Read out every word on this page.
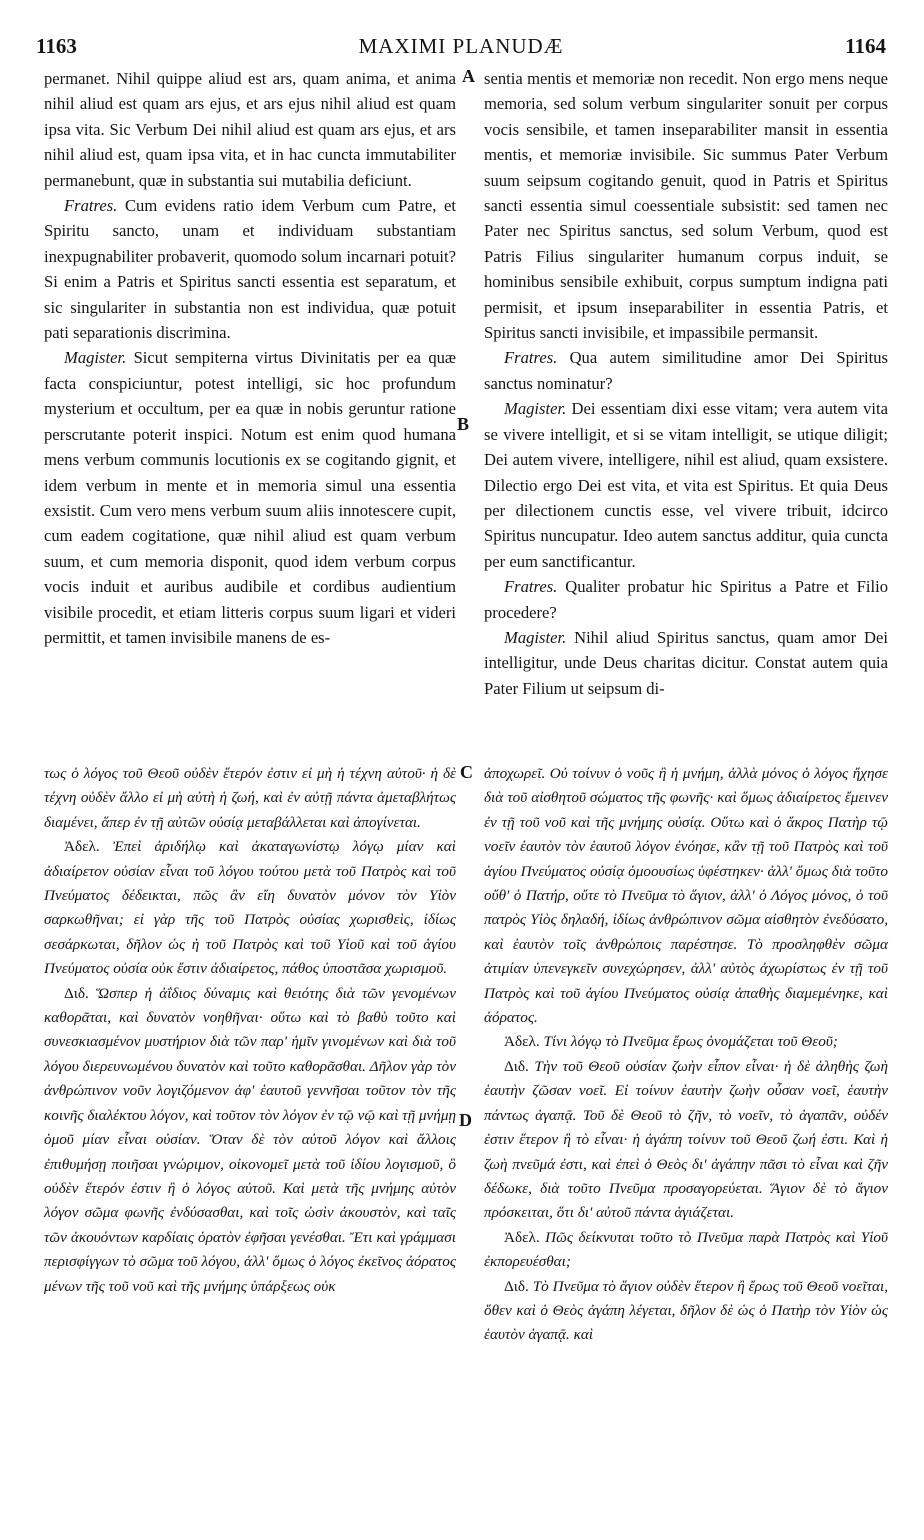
1163	MAXIMI PLANUDÆ	1164
A
B
C
D

permanet. Nihil quippe aliud est ars, quam anima, et anima nihil aliud est quam ars ejus, et ars ejus nihil aliud est quam ipsa vita. Sic Verbum Dei nihil aliud est quam ars ejus, et ars nihil aliud est, quam ipsa vita, et in hac cuncta immutabiliter permanebunt, quæ in substantia sui mutabilia deficiunt.

Fratres. Cum evidens ratio idem Verbum cum Patre, et Spiritu sancto, unam et individuam substantiam inexpugnabiliter probaverit, quomodo solum incarnari potuit? Si enim a Patris et Spiritus sancti essentia est separatum, et sic singulariter in substantia non est individua, quæ potuit pati separationis discrimina.

Magister. Sicut sempiterna virtus Divinitatis per ea quæ facta conspiciuntur, potest intelligi, sic hoc profundum mysterium et occultum, per ea quæ in nobis geruntur ratione perscrutante poterit inspici. Notum est enim quod humana mens verbum communis locutionis ex se cogitando gignit, et idem verbum in mente et in memoria simul una essentia exsistit. Cum vero mens verbum suum aliis innotescere cupit, cum eadem cogitatione, quæ nihil aliud est quam verbum suum, et cum memoria disponit, quod idem verbum corpus vocis induit et auribus audibile et cordibus audientium visibile procedit, et etiam litteris corpus suum ligari et videri permittit, et tamen invisibile manens de es-

sentia mentis et memoriæ non recedit. Non ergo mens neque memoria, sed solum verbum singulariter sonuit per corpus vocis sensibile, et tamen inseparabiliter mansit in essentia mentis, et memoriæ invisibile. Sic summus Pater Verbum suum seipsum cogitando genuit, quod in Patris et Spiritus sancti essentia simul coessentiale subsistit: sed tamen nec Pater nec Spiritus sanctus, sed solum Verbum, quod est Patris Filius singulariter humanum corpus induit, se hominibus sensibile exhibuit, corpus sumptum indigna pati permisit, et ipsum inseparabiliter in essentia Patris, et Spiritus sancti invisibile, et impassibile permansit.

Fratres. Qua autem similitudine amor Dei Spiritus sanctus nominatur?

Magister. Dei essentiam dixi esse vitam; vera autem vita se vivere intelligit, et si se vitam intelligit, se utique diligit; Dei autem vivere, intelligere, nihil est aliud, quam exsistere. Dilectio ergo Dei est vita, et vita est Spiritus. Et quia Deus per dilectionem cunctis esse, vel vivere tribuit, idcirco Spiritus nuncupatur. Ideo autem sanctus additur, quia cuncta per eum sanctificantur.

Fratres. Qualiter probatur hic Spiritus a Patre et Filio procedere?

Magister. Nihil aliud Spiritus sanctus, quam amor Dei intelligitur, unde Deus charitas dicitur. Constat autem quia Pater Filium ut seipsum di-

τως ὁ λόγος τοῦ Θεοῦ οὐδὲν ἕτερόν ἐστιν εἰ μὴ ἡ τέχνη αὐτοῦ· ἡ δὲ τέχνη οὐδὲν ἄλλο εἰ μὴ αὐτὴ ἡ ζωή, καὶ ἐν αὐτῇ πάντα ἀμεταβλήτως διαμένει, ἅπερ ἐν τῇ αὐτῶν οὐσίᾳ μεταβάλλεται καὶ ἀπογίνεται.

Ἀδελ. Ἐπεὶ ἀριδήλῳ καὶ ἀκαταγωνίστῳ λόγῳ μίαν καὶ ἀδιαίρετον οὐσίαν εἶναι τοῦ λόγου τούτου μετὰ τοῦ Πατρὸς καὶ τοῦ Πνεύματος δέδεικται, πῶς ἂν εἴη δυνατὸν μόνον τὸν Υἱὸν σαρκωθῆναι; εἰ γὰρ τῆς τοῦ Πατρὸς οὐσίας χωρισθεὶς, ἰδίως σεσάρκωται, δῆλον ὡς ἡ τοῦ Πατρὸς καὶ τοῦ Υἱοῦ καὶ τοῦ ἁγίου Πνεύματος οὐσία οὐκ ἔστιν ἀδιαίρετος, πάθος ὑποστᾶσα χωρισμοῦ.

Διδ. Ὥσπερ ἡ ἀΐδιος δύναμις καὶ θειότης διὰ τῶν γενομένων καθορᾶται, καὶ δυνατὸν νοηθῆναι· οὕτω καὶ τὸ βαθὺ τοῦτο καὶ συνεσκιασμένον μυστήριον διὰ τῶν παρ' ἡμῖν γινομένων καὶ διὰ τοῦ λόγου διερευνωμένου δυνατὸν καὶ τοῦτο καθορᾶσθαι. Δῆλον γὰρ τὸν ἀνθρώπινον νοῦν λογιζόμενον ἀφ' ἑαυτοῦ γεννῆσαι τοῦτον τὸν τῆς κοινῆς διαλέκτου λόγον, καὶ τοῦτον τὸν λόγον ἐν τῷ νῷ καὶ τῇ μνήμῃ ὁμοῦ μίαν εἶναι οὐσίαν. Ὅταν δὲ τὸν αὐτοῦ λόγον καὶ ἄλλοις ἐπιθυμήσῃ ποιῆσαι γνώριμον, οἰκονομεῖ μετὰ τοῦ ἰδίου λογισμοῦ, ὃ οὐδὲν ἕτερόν ἐστιν ἢ ὁ λόγος αὐτοῦ. Καὶ μετὰ τῆς μνήμης αὐτὸν λόγον σῶμα φωνῆς ἐνδύσασθαι, καὶ τοῖς ὠσὶν ἀκουστὸν, καὶ ταῖς τῶν ἀκουόντων καρδίαις ὁρατὸν ἐφῆσαι γενέσθαι. Ἔτι καὶ γράμμασι περισφίγγων τὸ σῶμα τοῦ λόγου, ἀλλ' ὅμως ὁ λόγος ἐκεῖνος ἀόρατος μένων τῆς τοῦ νοῦ καὶ τῆς μνήμης ὑπάρξεως οὐκ

ἀποχωρεῖ. Οὐ τοίνυν ὁ νοῦς ἢ ἡ μνήμη, ἀλλὰ μόνος ὁ λόγος ἤχησε διὰ τοῦ αἰσθητοῦ σώματος τῆς φωνῆς· καὶ ὅμως ἀδιαίρετος ἔμεινεν ἐν τῇ τοῦ νοῦ καὶ τῆς μνήμης οὐσίᾳ. Οὕτω καὶ ὁ ἄκρος Πατὴρ τῷ νοεῖν ἑαυτὸν τὸν ἑαυτοῦ λόγον ἐνόησε, κἂν τῇ τοῦ Πατρὸς καὶ τοῦ ἁγίου Πνεύματος οὐσίᾳ ὁμοουσίως ὑφέστηκεν· ἀλλ' ὅμως διὰ τοῦτο οὔθ' ὁ Πατήρ, οὔτε τὸ Πνεῦμα τὸ ἅγιον, ἀλλ' ὁ Λόγος μόνος, ὁ τοῦ πατρὸς Υἱὸς δηλαδή, ἰδίως ἀνθρώπινον σῶμα αἰσθητὸν ἐνεδύσατο, καὶ ἑαυτὸν τοῖς ἀνθρώποις παρέστησε. Τὸ προσληφθὲν σῶμα ἀτιμίαν ὑπενεγκεῖν συνεχώρησεν, ἀλλ' αὐτὸς ἀχωρίστως ἐν τῇ τοῦ Πατρὸς καὶ τοῦ ἁγίου Πνεύματος οὐσίᾳ ἀπαθὴς διαμεμένηκε, καὶ ἀόρατος.

Ἀδελ. Τίνι λόγῳ τὸ Πνεῦμα ἔρως ὀνομάζεται τοῦ Θεοῦ;

Διδ. Τὴν τοῦ Θεοῦ οὐσίαν ζωὴν εἶπον εἶναι· ἡ δὲ ἀληθὴς ζωὴ ἑαυτὴν ζῶσαν νοεῖ. Εἰ τοίνυν ἑαυτὴν ζωὴν οὖσαν νοεῖ, ἑαυτὴν πάντως ἀγαπᾷ. Τοῦ δὲ Θεοῦ τὸ ζῆν, τὸ νοεῖν, τὸ ἀγαπᾶν, οὐδέν ἐστιν ἕτερον ἢ τὸ εἶναι· ἡ ἀγάπη τοίνυν τοῦ Θεοῦ ζωή ἐστι. Καὶ ἡ ζωὴ πνεῦμά ἐστι, καὶ ἐπεὶ ὁ Θεὸς δι' ἀγάπην πᾶσι τὸ εἶναι καὶ ζῆν δέδωκε, διὰ τοῦτο Πνεῦμα προσαγορεύεται. Ἅγιον δὲ τὸ ἅγιον πρόσκειται, ὅτι δι' αὐτοῦ πάντα ἁγιάζεται.

Ἀδελ. Πῶς δείκνυται τοῦτο τὸ Πνεῦμα παρὰ Πατρὸς καὶ Υἱοῦ ἐκπορευέσθαι;

Διδ. Τὸ Πνεῦμα τὸ ἅγιον οὐδὲν ἕτερον ἢ ἔρως τοῦ Θεοῦ νοεῖται, ὅθεν καὶ ὁ Θεὸς ἀγάπη λέγεται, δῆλον δὲ ὡς ὁ Πατὴρ τὸν Υἱὸν ὡς ἑαυτὸν ἀγαπᾷ. καὶ
